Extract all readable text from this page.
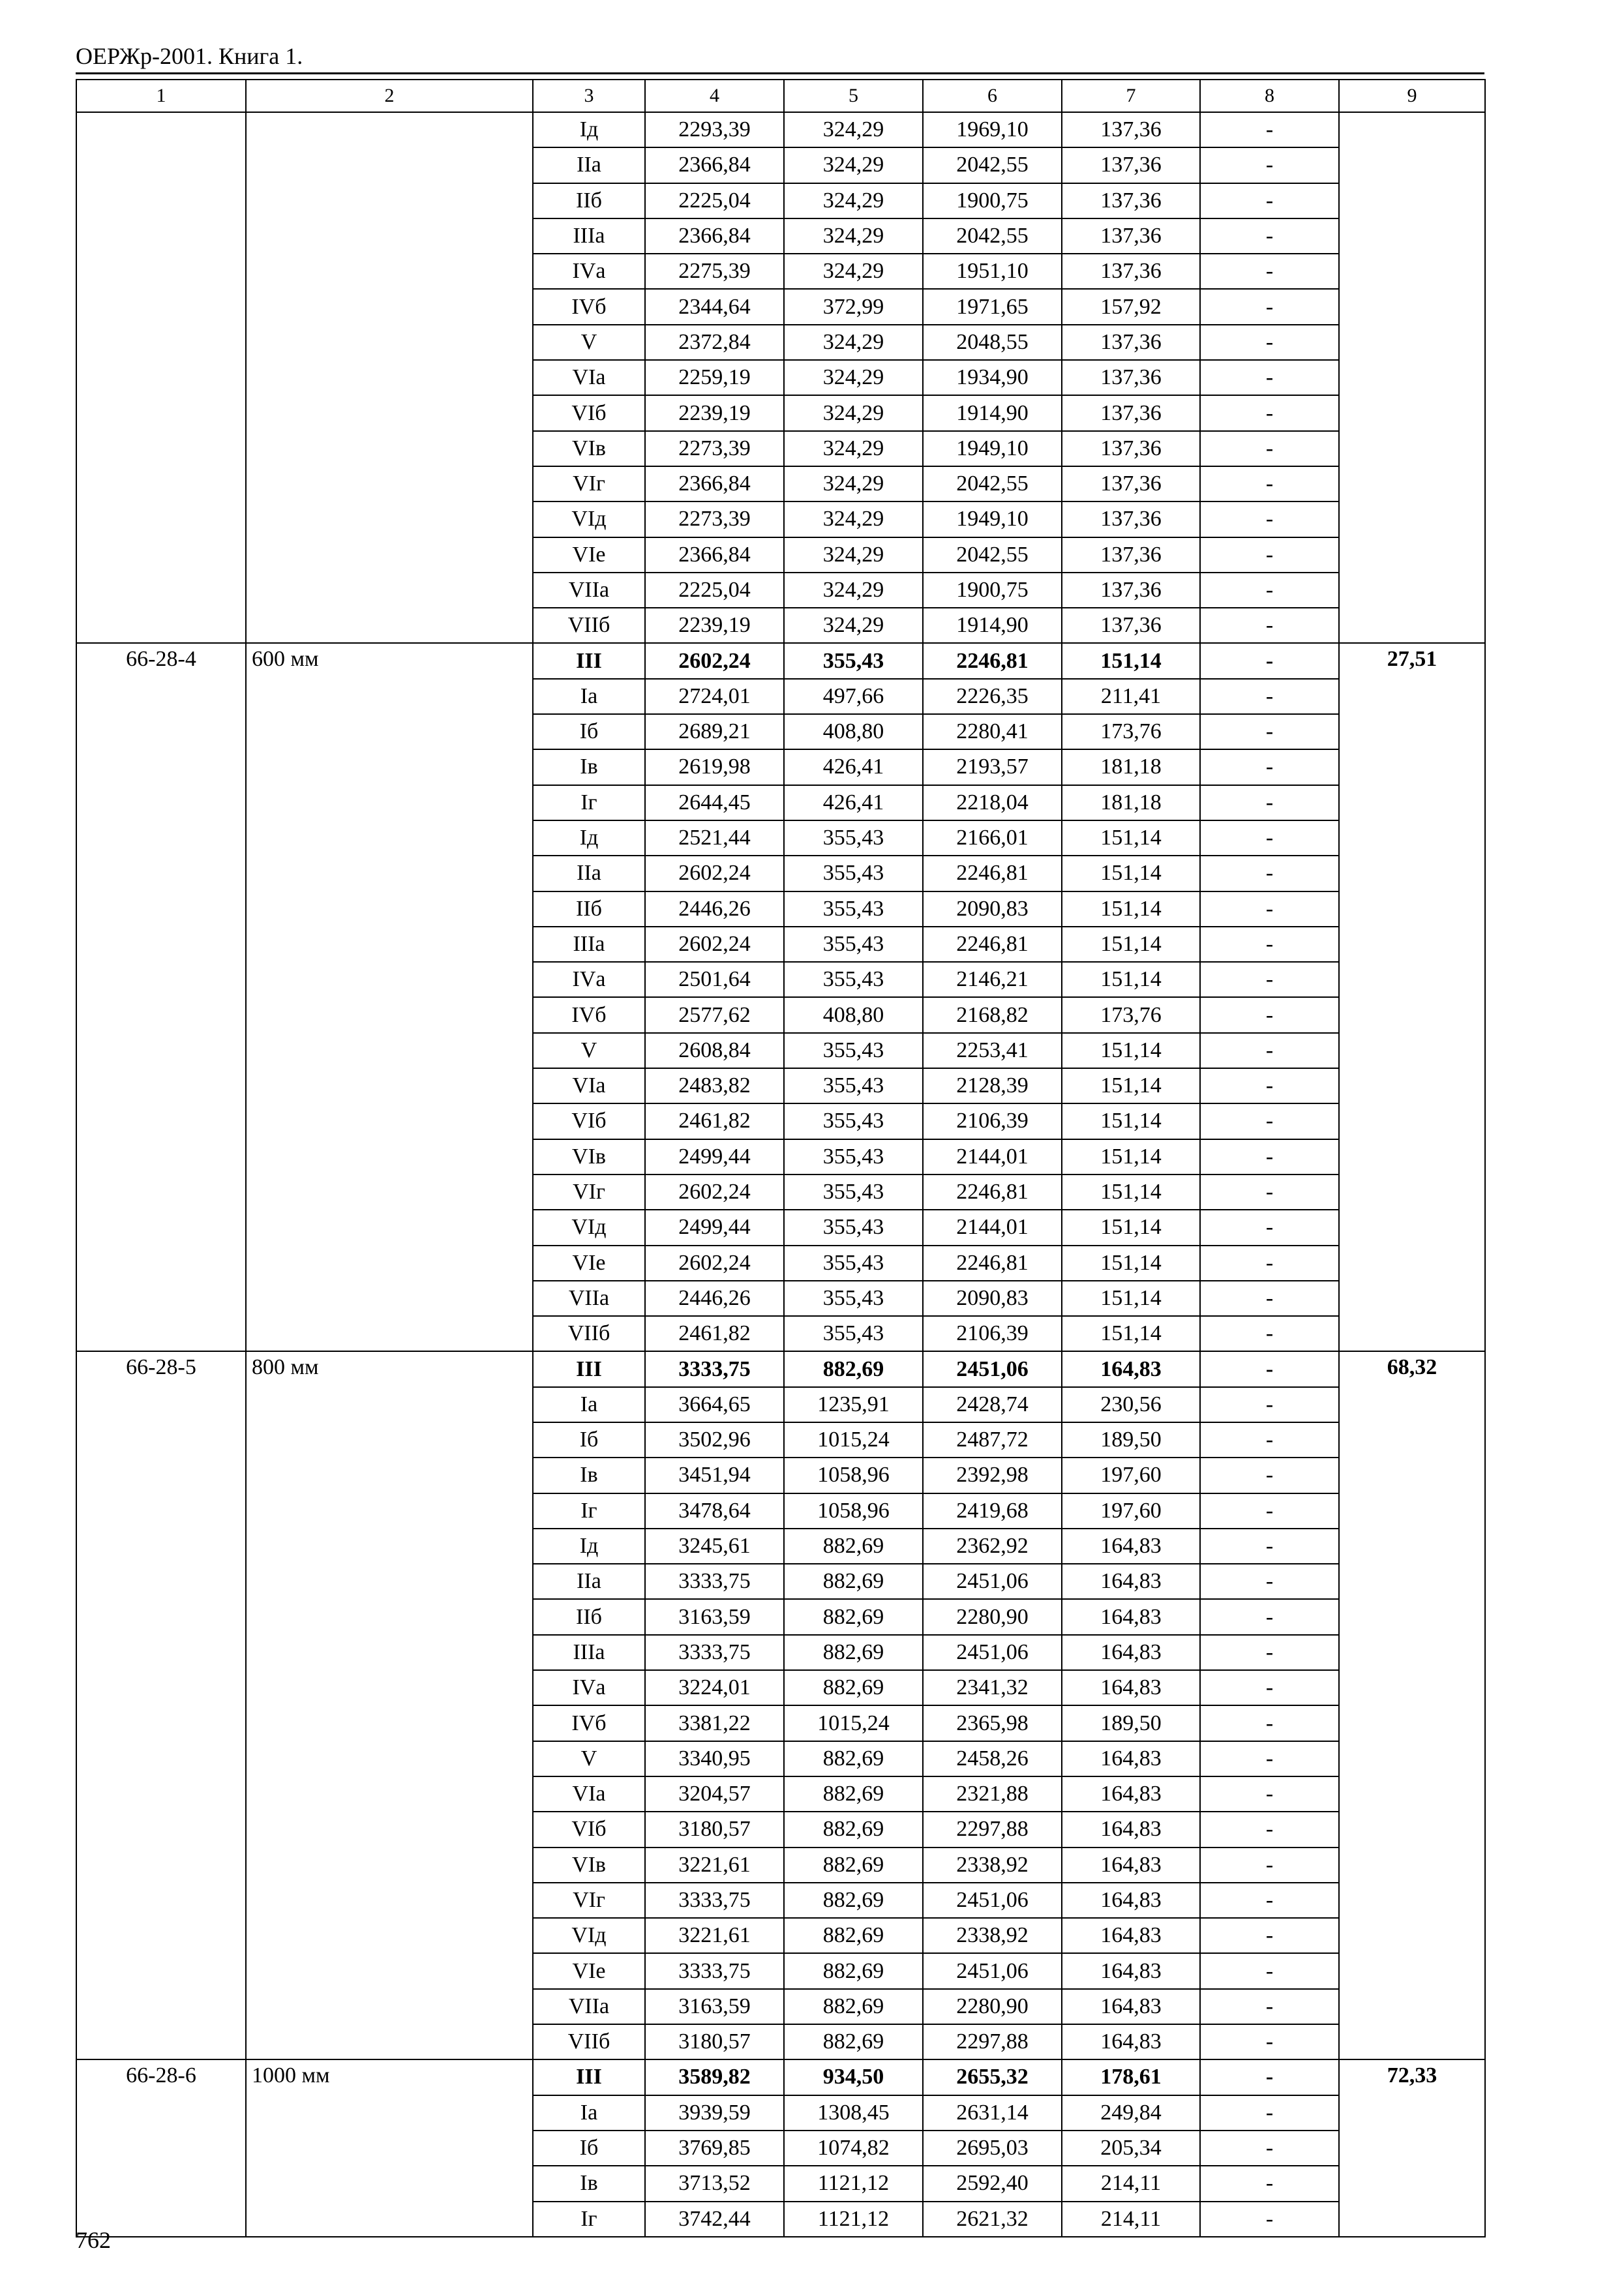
ОЕРЖр-2001. Книга 1.
1	2	3	4	5	6	7	8	9
		Iд	2293,39	324,29	1969,10	137,36	-	
		IIа	2366,84	324,29	2042,55	137,36	-	
		IIб	2225,04	324,29	1900,75	137,36	-	
		IIIа	2366,84	324,29	2042,55	137,36	-	
		IVа	2275,39	324,29	1951,10	137,36	-	
		IVб	2344,64	372,99	1971,65	157,92	-	
		V	2372,84	324,29	2048,55	137,36	-	
		VIа	2259,19	324,29	1934,90	137,36	-	
		VIб	2239,19	324,29	1914,90	137,36	-	
		VIв	2273,39	324,29	1949,10	137,36	-	
		VIг	2366,84	324,29	2042,55	137,36	-	
		VIд	2273,39	324,29	1949,10	137,36	-	
		VIе	2366,84	324,29	2042,55	137,36	-	
		VIIа	2225,04	324,29	1900,75	137,36	-	
		VIIб	2239,19	324,29	1914,90	137,36	-	
66-28-4	600 мм	III	2602,24	355,43	2246,81	151,14	-	27,51
		Iа	2724,01	497,66	2226,35	211,41	-	
		Iб	2689,21	408,80	2280,41	173,76	-	
		Iв	2619,98	426,41	2193,57	181,18	-	
		Iг	2644,45	426,41	2218,04	181,18	-	
		Iд	2521,44	355,43	2166,01	151,14	-	
		IIа	2602,24	355,43	2246,81	151,14	-	
		IIб	2446,26	355,43	2090,83	151,14	-	
		IIIа	2602,24	355,43	2246,81	151,14	-	
		IVа	2501,64	355,43	2146,21	151,14	-	
		IVб	2577,62	408,80	2168,82	173,76	-	
		V	2608,84	355,43	2253,41	151,14	-	
		VIа	2483,82	355,43	2128,39	151,14	-	
		VIб	2461,82	355,43	2106,39	151,14	-	
		VIв	2499,44	355,43	2144,01	151,14	-	
		VIг	2602,24	355,43	2246,81	151,14	-	
		VIд	2499,44	355,43	2144,01	151,14	-	
		VIе	2602,24	355,43	2246,81	151,14	-	
		VIIа	2446,26	355,43	2090,83	151,14	-	
		VIIб	2461,82	355,43	2106,39	151,14	-	
66-28-5	800 мм	III	3333,75	882,69	2451,06	164,83	-	68,32
		Iа	3664,65	1235,91	2428,74	230,56	-	
		Iб	3502,96	1015,24	2487,72	189,50	-	
		Iв	3451,94	1058,96	2392,98	197,60	-	
		Iг	3478,64	1058,96	2419,68	197,60	-	
		Iд	3245,61	882,69	2362,92	164,83	-	
		IIа	3333,75	882,69	2451,06	164,83	-	
		IIб	3163,59	882,69	2280,90	164,83	-	
		IIIа	3333,75	882,69	2451,06	164,83	-	
		IVа	3224,01	882,69	2341,32	164,83	-	
		IVб	3381,22	1015,24	2365,98	189,50	-	
		V	3340,95	882,69	2458,26	164,83	-	
		VIа	3204,57	882,69	2321,88	164,83	-	
		VIб	3180,57	882,69	2297,88	164,83	-	
		VIв	3221,61	882,69	2338,92	164,83	-	
		VIг	3333,75	882,69	2451,06	164,83	-	
		VIд	3221,61	882,69	2338,92	164,83	-	
		VIе	3333,75	882,69	2451,06	164,83	-	
		VIIа	3163,59	882,69	2280,90	164,83	-	
		VIIб	3180,57	882,69	2297,88	164,83	-	
66-28-6	1000 мм	III	3589,82	934,50	2655,32	178,61	-	72,33
		Iа	3939,59	1308,45	2631,14	249,84	-	
		Iб	3769,85	1074,82	2695,03	205,34	-	
		Iв	3713,52	1121,12	2592,40	214,11	-	
		Iг	3742,44	1121,12	2621,32	214,11	-	
762
